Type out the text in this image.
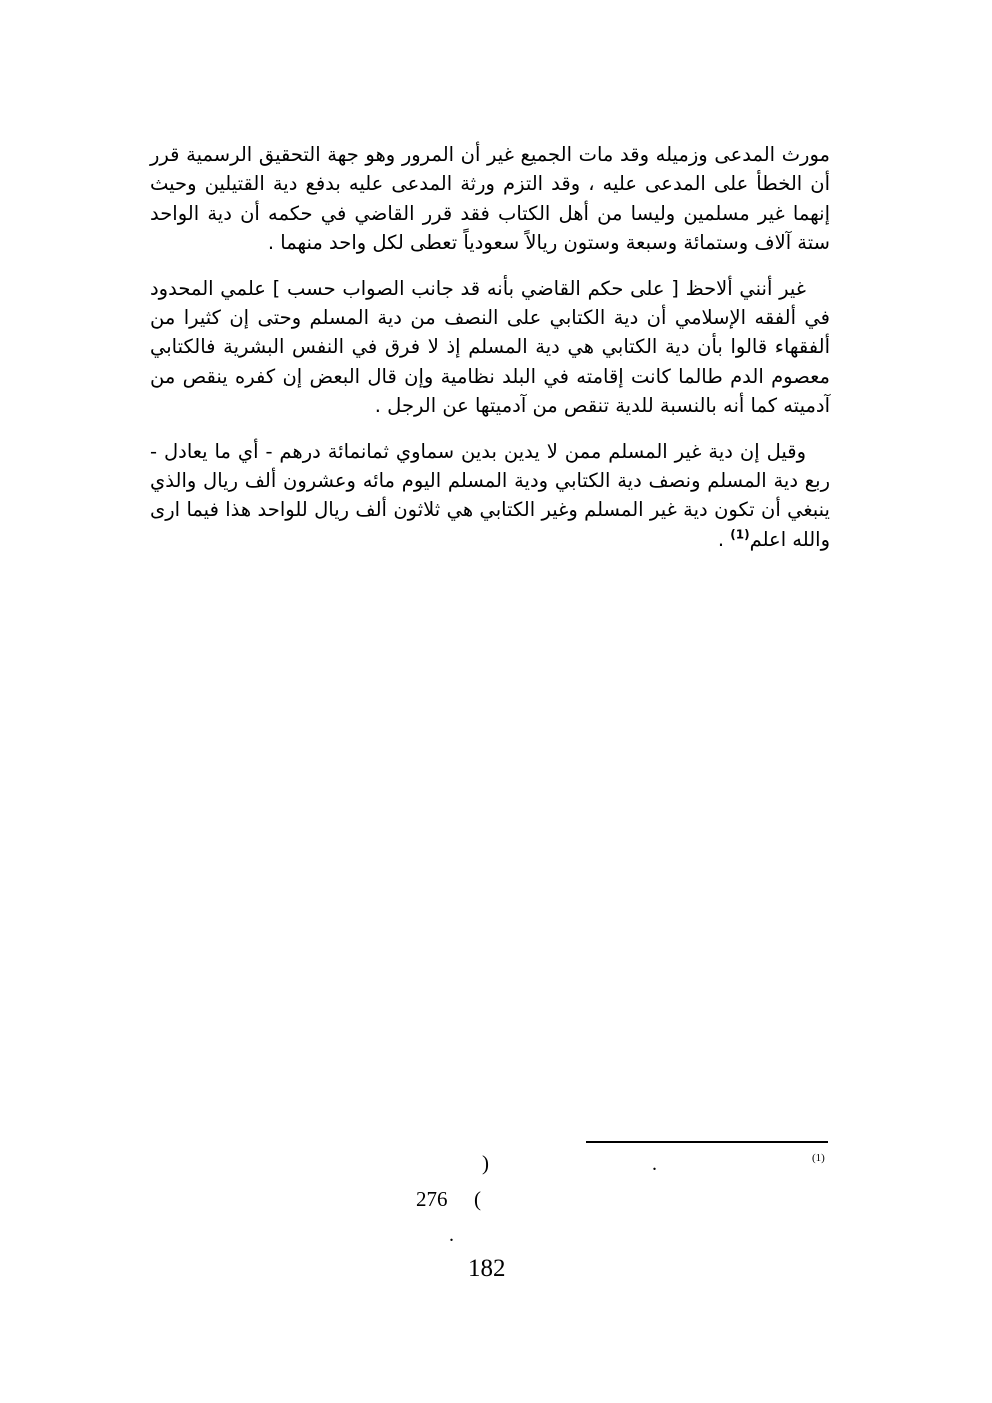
مورث المدعى وزميله وقد مات الجميع غير أن المرور وهو جهة التحقيق الرسمية قرر أن الخطأ على المدعى عليه ، وقد التزم ورثة المدعى عليه بدفع دية القتيلين وحيث إنهما غير مسلمين وليسا من أهل الكتاب فقد قرر القاضي في حكمه أن دية الواحد ستة آلاف وستمائة وسبعة وستون ريالاً سعودياً تعطى لكل واحد منهما .

غير أنني ألاحظ [ على حكم القاضي بأنه قد جانب الصواب حسب ] علمي المحدود في ألفقه الإسلامي أن دية الكتابي على النصف من دية المسلم وحتى إن كثيرا من ألفقهاء قالوا بأن دية الكتابي هي دية المسلم إذ لا فرق في النفس البشرية فالكتابي معصوم الدم طالما كانت إقامته في البلد نظامية وإن قال البعض إن كفره ينقص من آدميته كما أنه بالنسبة للدية تنقص من آدميتها عن الرجل .

وقيل إن دية غير المسلم ممن لا يدين بدين سماوي ثمانمائة درهم - أي ما يعادل - ربع دية المسلم ونصف دية الكتابي ودية المسلم اليوم مائه وعشرون ألف ريال والذي ينبغي أن تكون دية غير المسلم وغير الكتابي هي ثلاثون ألف ريال للواحد هذا فيما ارى والله اعلم$^{(1)}$ .

(1)
.
)
276 (
.
182
